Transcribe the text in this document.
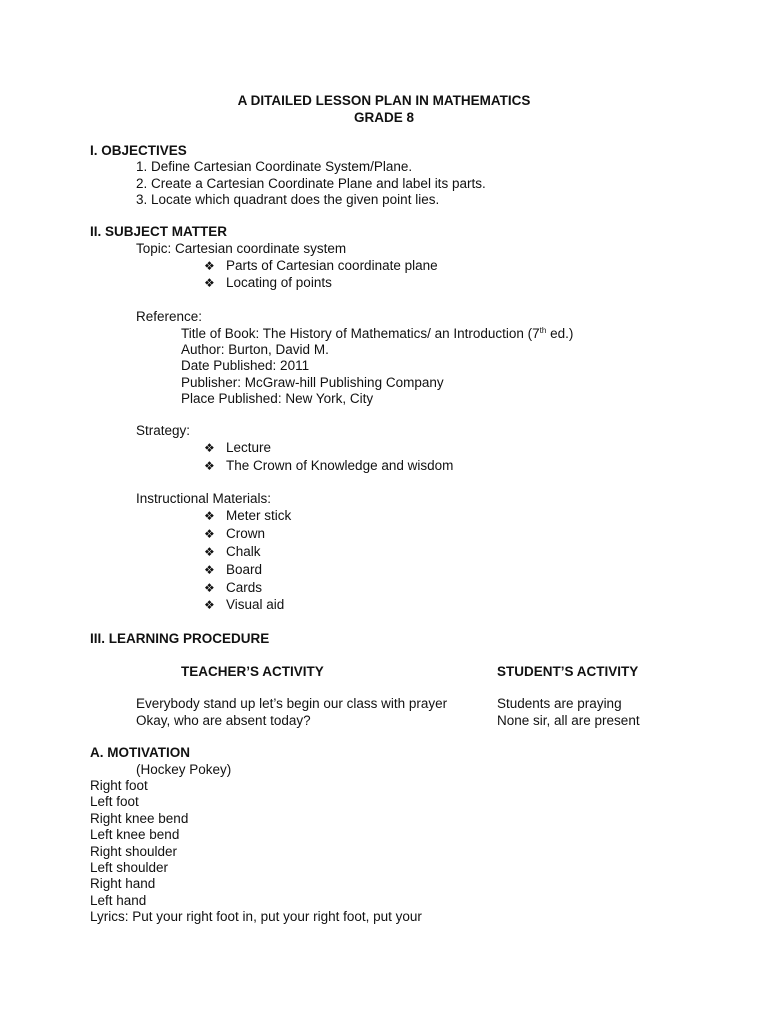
A DITAILED LESSON PLAN IN MATHEMATICS
GRADE 8
I. OBJECTIVES
1. Define Cartesian Coordinate System/Plane.
2. Create a Cartesian Coordinate Plane and label its parts.
3. Locate which quadrant does the given point lies.
II. SUBJECT MATTER
Topic: Cartesian coordinate system
❖ Parts of Cartesian coordinate plane
❖ Locating of points
Reference:
Title of Book: The History of Mathematics/ an Introduction (7th ed.)
Author: Burton, David M.
Date Published: 2011
Publisher: McGraw-hill Publishing Company
Place Published: New York, City
Strategy:
❖ Lecture
❖ The Crown of Knowledge and wisdom
Instructional Materials:
❖ Meter stick
❖ Crown
❖ Chalk
❖ Board
❖ Cards
❖ Visual aid
III. LEARNING PROCEDURE
TEACHER’S ACTIVITY	STUDENT’S ACTIVITY
Everybody stand up let’s begin our class with prayer	Students are praying
Okay, who are absent today?	None sir, all are present
A. MOTIVATION
(Hockey Pokey)
Right foot
Left foot
Right knee bend
Left knee bend
Right shoulder
Left shoulder
Right hand
Left hand
Lyrics: Put your right foot in, put your right foot, put your
